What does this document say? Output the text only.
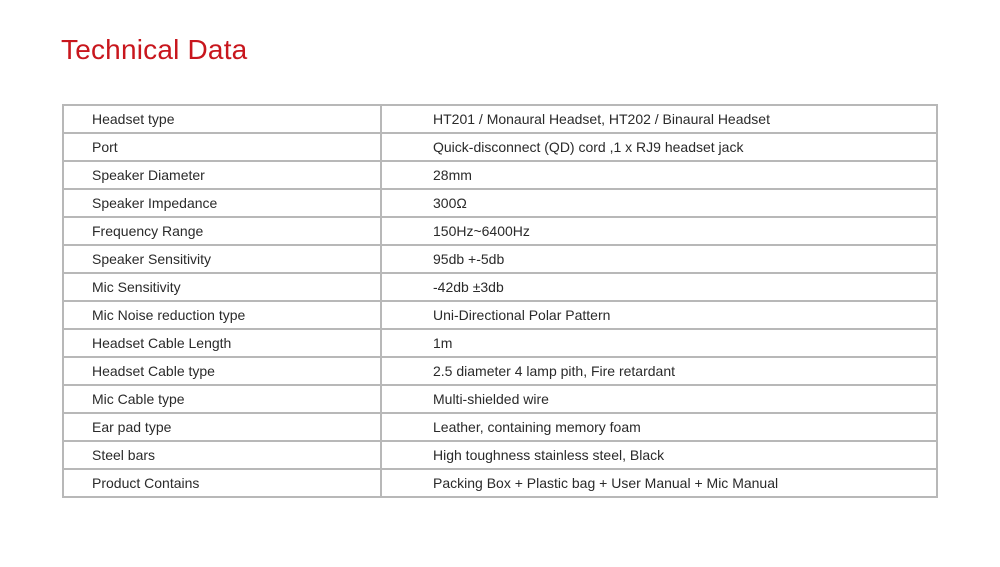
Technical Data
Headset type	HT201 / Monaural Headset, HT202 / Binaural Headset
Port	Quick-disconnect (QD) cord ,1 x RJ9 headset jack
Speaker Diameter	28mm
Speaker Impedance	300Ω
Frequency Range	150Hz~6400Hz
Speaker Sensitivity	95db +-5db
Mic Sensitivity	-42db ±3db
Mic Noise reduction type	Uni-Directional Polar Pattern
Headset Cable Length	1m
Headset Cable type	2.5 diameter 4 lamp pith, Fire retardant
Mic Cable type	Multi-shielded wire
Ear pad type	Leather, containing memory foam
Steel bars	High toughness stainless steel, Black
Product Contains	Packing Box + Plastic bag + User Manual + Mic Manual
